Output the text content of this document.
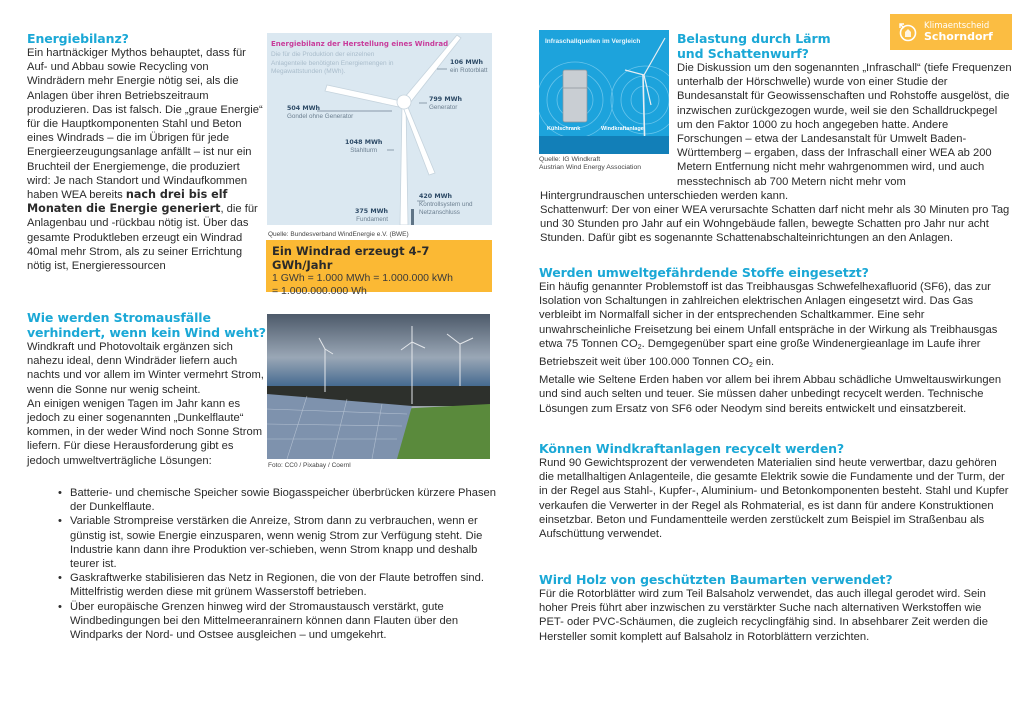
Energiebilanz?
Ein hartnäckiger Mythos behauptet, dass für Auf- und Abbau sowie Recycling von Windrädern mehr Energie nötig sei, als die Anlagen über ihren Betriebszeitraum produzieren. Das ist falsch. Die „graue Energie“ für die Hauptkomponenten Stahl und Beton eines Windrads – die im Übrigen für jede Energieerzeugungsanlage anfällt – ist nur ein Bruchteil der Energiemenge, die produziert wird: Je nach Standort und Windaufkommen haben WEA bereits nach drei bis elf Monaten die Energie generiert, die für Anlagenbau und -rückbau nötig ist. Über das gesamte Produktleben erzeugt ein Windrad 40mal mehr Strom, als zu seiner Errichtung nötig ist, Energieressourcen
Energiebilanz der Herstellung eines Windrad
Die für die Produktion der einzelnen Anlagenteile benötigten Energiemengen in Megawattstunden (MWh).
106 MWh
ein Rotorblatt
799 MWh
Generator
504 MWh
Gondel ohne Generator
1048 MWh
Stahlturm
420 MWh
Kontrollsystem und Netzanschluss
375 MWh
Fundament
Quelle: Bundesverband WindEnergie e.V. (BWE)
Ein Windrad erzeugt 4-7 GWh/Jahr
1 GWh = 1.000 MWh = 1.000.000 kWh
= 1.000.000.000 Wh
Wie werden Stromausfälle verhindert, wenn kein Wind weht?
Windkraft und Photovoltaik ergänzen sich nahezu ideal, denn Windräder liefern auch nachts und vor allem im Winter vermehrt Strom, wenn die Sonne nur wenig scheint.
An einigen wenigen Tagen im Jahr kann es jedoch zu einer sogenannten „Dunkelflaute“ kommen, in der weder Wind noch Sonne Strom liefern. Für diese Herausforderung gibt es jedoch umweltverträgliche Lösungen:	Foto: CC0 / Pixabay / Coernl
• Batterie- und chemische Speicher sowie Biogasspeicher überbrücken kürzere Phasen der Dunkelflaute.
• Variable Strompreise verstärken die Anreize, Strom dann zu verbrauchen, wenn er günstig ist, sowie Energie einzusparen, wenn wenig Strom zur Verfügung steht. Die Industrie kann dann ihre Produktion ver-schieben, wenn Strom knapp und deshalb teurer ist.
• Gaskraftwerke stabilisieren das Netz in Regionen, die von der Flaute betroffen sind. Mittelfristig werden diese mit grünem Wasserstoff betrieben.
• Über europäische Grenzen hinweg wird der Stromaustausch verstärkt, gute Windbedingungen bei den Mittelmeeranrainern können dann Flauten über den Windparks der Nord- und Ostsee ausgleichen – und umgekehrt.
Klimaentscheid
Schorndorf
Infraschallquellen im Vergleich
Kühlschrank	Windkraftanlage
Quelle: IG Windkraft
Austrian Wind Energy Association
Belastung durch Lärm und Schattenwurf?
Die Diskussion um den sogenannten „Infraschall“ (tiefe Frequenzen unterhalb der Hörschwelle) wurde von einer Studie der Bundesanstalt für Geowissenschaften und Rohstoffe ausgelöst, die inzwischen zurückgezogen wurde, weil sie den Schalldruckpegel um den Faktor 1000 zu hoch angegeben hatte. Andere Forschungen – etwa der Landesanstalt für Umwelt Baden-Württemberg – ergaben, dass der Infraschall einer WEA ab 200 Metern Entfernung nicht mehr wahrgenommen wird, und auch messtechnisch ab 700 Metern nicht mehr vom Hintergrundrauschen unterschieden werden kann.
Schattenwurf: Der von einer WEA verursachte Schatten darf nicht mehr als 30 Minuten pro Tag und 30 Stunden pro Jahr auf ein Wohngebäude fallen, bewegte Schatten pro Jahr nur acht Stunden. Dafür gibt es sogenannte Schattenabschalteinrichtungen an den Anlagen.
Werden umweltgefährdende Stoffe eingesetzt?
Ein häufig genannter Problemstoff ist das Treibhausgas Schwefelhexafluorid (SF6), das zur Isolation von Schaltungen in zahlreichen elektrischen Anlagen eingesetzt wird. Das Gas verbleibt im Normalfall sicher in der entsprechenden Schaltkammer. Eine sehr unwahrscheinliche Freisetzung bei einem Unfall entspräche in der Wirkung als Treibhausgas etwa 75 Tonnen $CO_2$. Demgegenüber spart eine große Windenergieanlage im Laufe ihrer Betriebszeit weit über 100.000 Tonnen $CO_2$ ein.
Metalle wie Seltene Erden haben vor allem bei ihrem Abbau schädliche Umweltauswirkungen und sind auch selten und teuer. Sie müssen daher unbedingt recycelt werden. Technische Lösungen zum Ersatz von SF6 oder Neodym sind bereits entwickelt und einsatzbereit.
Können Windkraftanlagen recycelt werden?
Rund 90 Gewichtsprozent der verwendeten Materialien sind heute verwertbar, dazu gehören die metallhaltigen Anlagenteile, die gesamte Elektrik sowie die Fundamente und der Turm, der in der Regel aus Stahl-, Kupfer-, Aluminium- und Betonkomponenten besteht. Stahl und Kupfer verkaufen die Verwerter in der Regel als Rohmaterial, es ist dann für andere Konstruktionen einsetzbar. Beton und Fundamentteile werden zerstückelt zum Beispiel im Straßenbau als Aufschüttung verwendet.
Wird Holz von geschützten Baumarten verwendet?
Für die Rotorblätter wird zum Teil Balsaholz verwendet, das auch illegal gerodet wird. Sein hoher Preis führt aber inzwischen zu verstärkter Suche nach alternativen Werkstoffen wie PET- oder PVC-Schäumen, die zugleich recyclingfähig sind. In absehbarer Zeit werden die Hersteller somit komplett auf Balsaholz in Rotorblättern verzichten.
